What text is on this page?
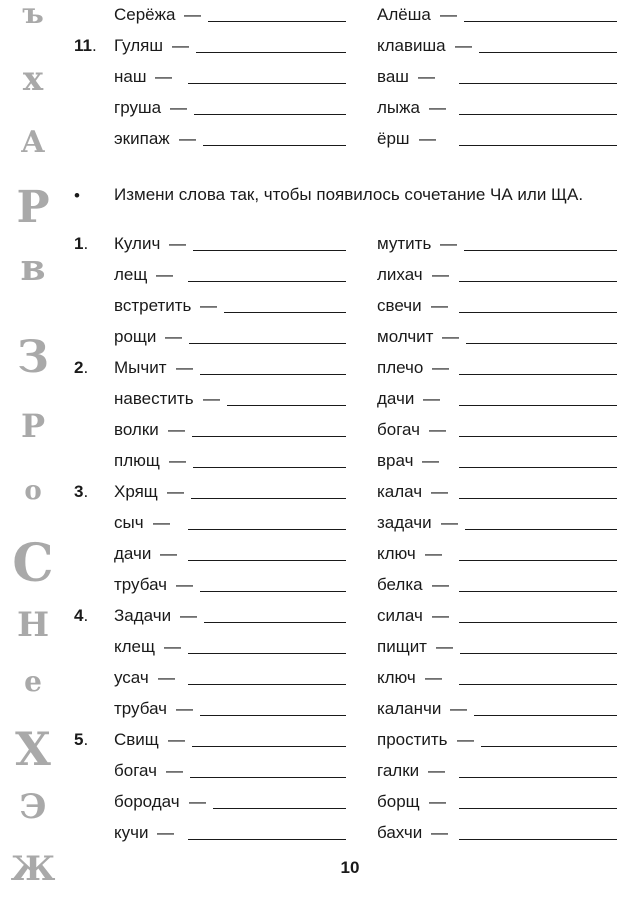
ъ
х
А
Р
в
З
Р
о
С
Н
е
Х
Э
Ж
• Измени слова так, чтобы появилось сочетание ЧА или ЩА.
Серёжа —	Алёша —
11. Гуляш —	клавиша —
наш —	ваш —
груша —	лыжа —
экипаж —	ёрш —
1. Кулич —	мутить —
лещ —	лихач —
встретить —	свечи —
рощи —	молчит —
2. Мычит —	плечо —
навестить —	дачи —
волки —	богач —
плющ —	врач —
3. Хрящ —	калач —
сыч —	задачи —
дачи —	ключ —
трубач —	белка —
4. Задачи —	силач —
клещ —	пищит —
усач —	ключ —
трубач —	каланчи —
5. Свищ —	простить —
богач —	галки —
бородач —	борщ —
кучи —	бахчи —
10
